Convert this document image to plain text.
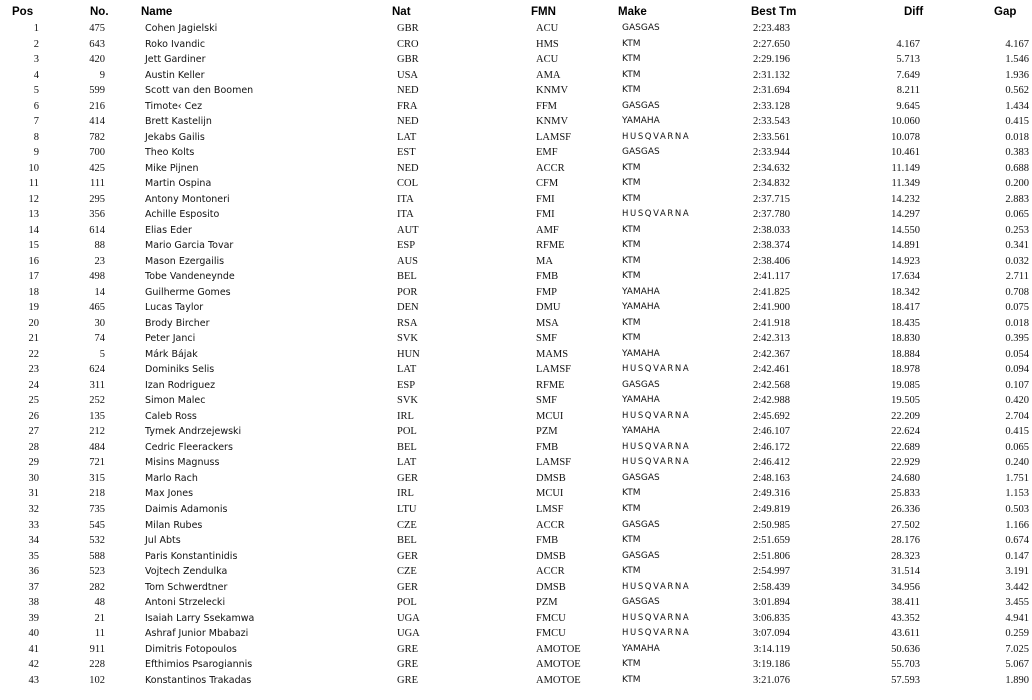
Pos	No.	Name	Nat	FMN	Make	Best Tm	Diff	Gap
1	475	Cohen Jagielski	GBR	ACU	GASGAS	2:23.483
2	643	Roko Ivandic	CRO	HMS	KTM	2:27.650	4.167	4.167
3	420	Jett Gardiner	GBR	ACU	KTM	2:29.196	5.713	1.546
4	9	Austin Keller	USA	AMA	KTM	2:31.132	7.649	1.936
5	599	Scott van den Boomen	NED	KNMV	KTM	2:31.694	8.211	0.562
6	216	Timote‹ Cez	FRA	FFM	GASGAS	2:33.128	9.645	1.434
7	414	Brett Kastelijn	NED	KNMV	YAMAHA	2:33.543	10.060	0.415
8	782	Jekabs Gailis	LAT	LAMSF	HUSQVARNA	2:33.561	10.078	0.018
9	700	Theo Kolts	EST	EMF	GASGAS	2:33.944	10.461	0.383
10	425	Mike Pijnen	NED	ACCR	KTM	2:34.632	11.149	0.688
11	111	Martin Ospina	COL	CFM	KTM	2:34.832	11.349	0.200
12	295	Antony Montoneri	ITA	FMI	KTM	2:37.715	14.232	2.883
13	356	Achille Esposito	ITA	FMI	HUSQVARNA	2:37.780	14.297	0.065
14	614	Elias Eder	AUT	AMF	KTM	2:38.033	14.550	0.253
15	88	Mario Garcia Tovar	ESP	RFME	KTM	2:38.374	14.891	0.341
16	23	Mason Ezergailis	AUS	MA	KTM	2:38.406	14.923	0.032
17	498	Tobe Vandeneynde	BEL	FMB	KTM	2:41.117	17.634	2.711
18	14	Guilherme Gomes	POR	FMP	YAMAHA	2:41.825	18.342	0.708
19	465	Lucas Taylor	DEN	DMU	YAMAHA	2:41.900	18.417	0.075
20	30	Brody Bircher	RSA	MSA	KTM	2:41.918	18.435	0.018
21	74	Peter Janci	SVK	SMF	KTM	2:42.313	18.830	0.395
22	5	Márk Bájak	HUN	MAMS	YAMAHA	2:42.367	18.884	0.054
23	624	Dominiks Selis	LAT	LAMSF	HUSQVARNA	2:42.461	18.978	0.094
24	311	Izan Rodriguez	ESP	RFME	GASGAS	2:42.568	19.085	0.107
25	252	Simon Malec	SVK	SMF	YAMAHA	2:42.988	19.505	0.420
26	135	Caleb Ross	IRL	MCUI	HUSQVARNA	2:45.692	22.209	2.704
27	212	Tymek Andrzejewski	POL	PZM	YAMAHA	2:46.107	22.624	0.415
28	484	Cedric Fleerackers	BEL	FMB	HUSQVARNA	2:46.172	22.689	0.065
29	721	Misins Magnuss	LAT	LAMSF	HUSQVARNA	2:46.412	22.929	0.240
30	315	Marlo Rach	GER	DMSB	GASGAS	2:48.163	24.680	1.751
31	218	Max Jones	IRL	MCUI	KTM	2:49.316	25.833	1.153
32	735	Daimis Adamonis	LTU	LMSF	KTM	2:49.819	26.336	0.503
33	545	Milan Rubes	CZE	ACCR	GASGAS	2:50.985	27.502	1.166
34	532	Jul Abts	BEL	FMB	KTM	2:51.659	28.176	0.674
35	588	Paris Konstantinidis	GER	DMSB	GASGAS	2:51.806	28.323	0.147
36	523	Vojtech Zendulka	CZE	ACCR	KTM	2:54.997	31.514	3.191
37	282	Tom Schwerdtner	GER	DMSB	HUSQVARNA	2:58.439	34.956	3.442
38	48	Antoni Strzelecki	POL	PZM	GASGAS	3:01.894	38.411	3.455
39	21	Isaiah Larry Ssekamwa	UGA	FMCU	HUSQVARNA	3:06.835	43.352	4.941
40	11	Ashraf Junior Mbabazi	UGA	FMCU	HUSQVARNA	3:07.094	43.611	0.259
41	911	Dimitris Fotopoulos	GRE	AMOTOE	YAMAHA	3:14.119	50.636	7.025
42	228	Efthimios Psarogiannis	GRE	AMOTOE	KTM	3:19.186	55.703	5.067
43	102	Konstantinos Trakadas	GRE	AMOTOE	KTM	3:21.076	57.593	1.890
